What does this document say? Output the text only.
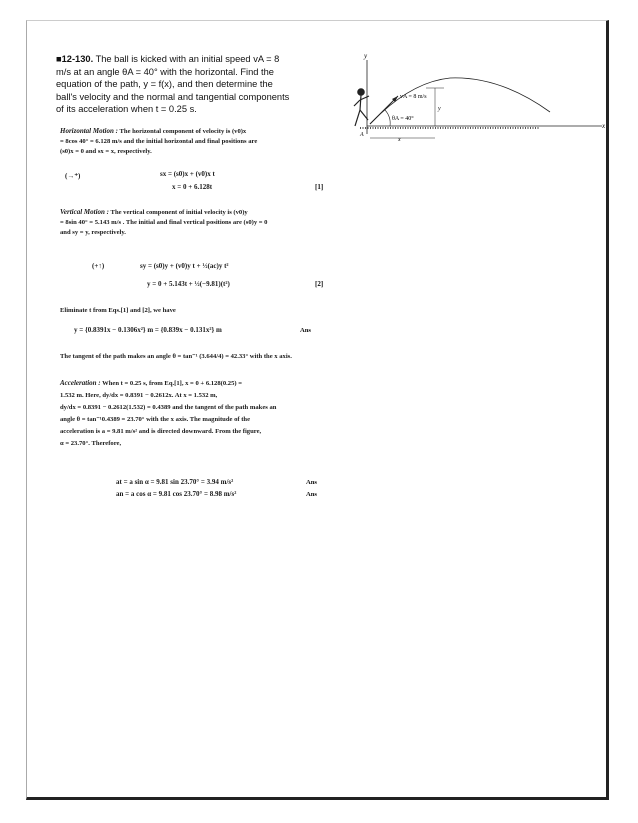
■12-130. The ball is kicked with an initial speed vA = 8 m/s at an angle θA = 40° with the horizontal. Find the equation of the path, y = f(x), and then determine the ball's velocity and the normal and tangential components of its acceleration when t = 0.25 s.
y
x
vA = 8 m/s
θA = 40°
A
y
x
Horizontal Motion : The horizontal component of velocity is (v0)x
= 8cos 40° = 6.128 m/s and the initial horizontal and final positions are
(s0)x = 0 and sx = x, respectively.
(→⁺)	sx = (s0)x + (v0)x t
x = 0 + 6.128t	[1]
Vertical Motion : The vertical component of initial velocity is (v0)y
= 8sin 40° = 5.143 m/s . The initial and final vertical positions are (s0)y = 0
and sy = y, respectively.
(+↑)	sy = (s0)y + (v0)y t + ½(ac)y t²
y = 0 + 5.143t + ½(−9.81)(t²)	[2]
Eliminate t from Eqs.[1] and [2], we have
y = {0.8391x − 0.1306x²} m = {0.839x − 0.131x²} m	Ans
The tangent of the path makes an angle θ = tan⁻¹ (3.644/4) = 42.33° with the x axis.
Acceleration : When t = 0.25 s, from Eq.[1], x = 0 + 6.128(0.25) =
1.532 m. Here, dy/dx = 0.8391 − 0.2612x. At x = 1.532 m,
dy/dx = 0.8391 − 0.2612(1.532) = 0.4389 and the tangent of the path makes an
angle θ = tan⁻¹0.4389 = 23.70° with the x axis. The magnitude of the
acceleration is a = 9.81 m/s² and is directed downward. From the figure,
α = 23.70°. Therefore,
at = a sin α = 9.81 sin 23.70° = 3.94 m/s²	Ans
an = a cos α = 9.81 cos 23.70° = 8.98 m/s²	Ans
